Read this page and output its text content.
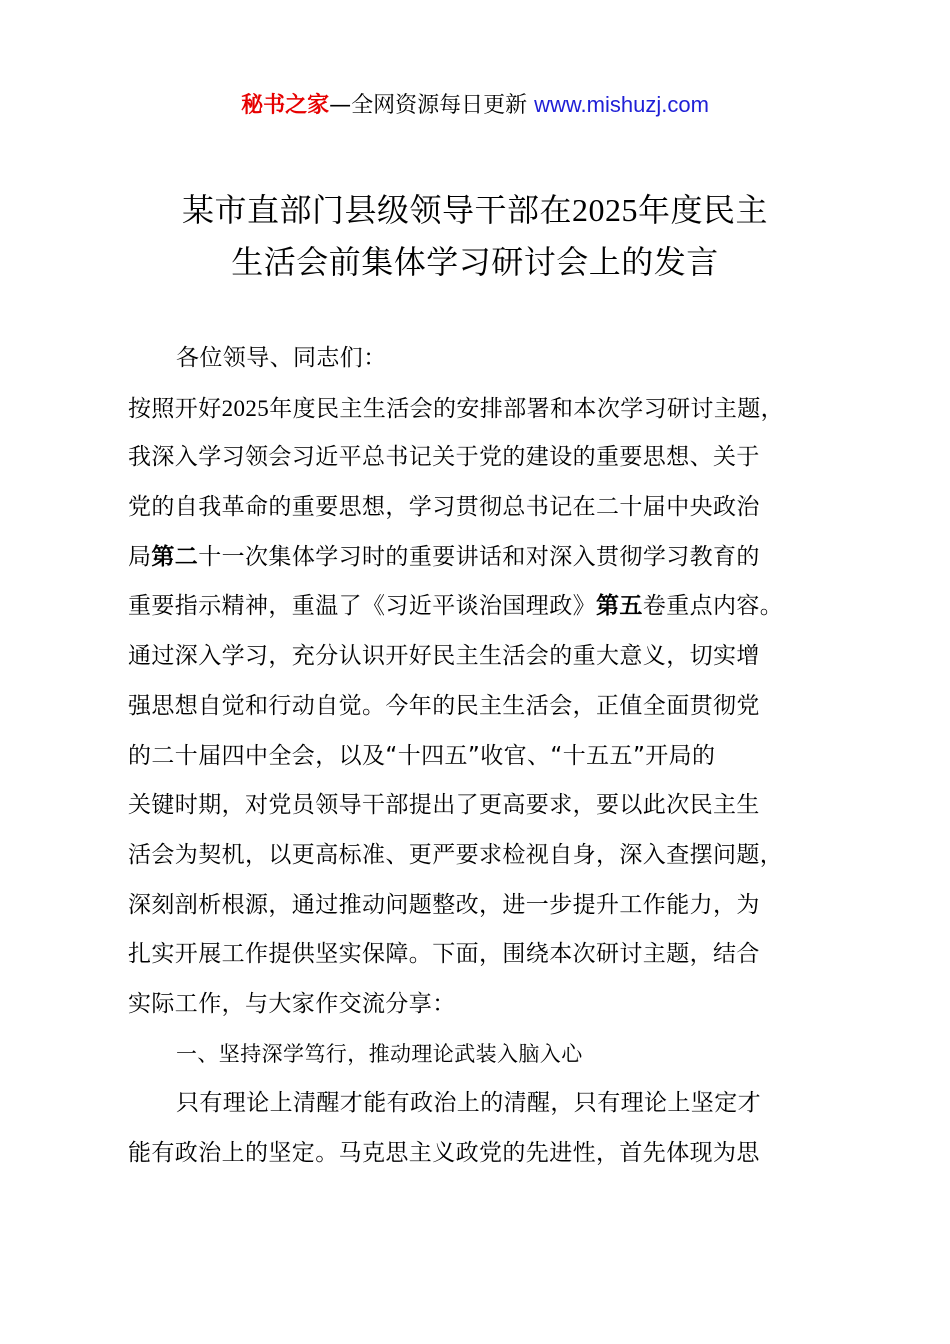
秘书之家—全网资源每日更新 www.mishuzj.com
某市直部门县级领导干部在2025年度民主
生活会前集体学习研讨会上的发言
各位领导、同志们：
按照开好2025年度民主生活会的安排部署和本次学习研讨主题，
我深入学习领会习近平总书记关于党的建设的重要思想、关于
党的自我革命的重要思想，学习贯彻总书记在二十届中央政治
局第二十一次集体学习时的重要讲话和对深入贯彻学习教育的
重要指示精神，重温了《习近平谈治国理政》第五卷重点内容。
通过深入学习，充分认识开好民主生活会的重大意义，切实增
强思想自觉和行动自觉。今年的民主生活会，正值全面贯彻党
的二十届四中全会，以及“十四五”收官、“十五五”开局的
关键时期，对党员领导干部提出了更高要求，要以此次民主生
活会为契机，以更高标准、更严要求检视自身，深入查摆问题，
深刻剖析根源，通过推动问题整改，进一步提升工作能力，为
扎实开展工作提供坚实保障。下面，围绕本次研讨主题，结合
实际工作，与大家作交流分享：
一、坚持深学笃行，推动理论武装入脑入心
只有理论上清醒才能有政治上的清醒，只有理论上坚定才
能有政治上的坚定。马克思主义政党的先进性，首先体现为思
